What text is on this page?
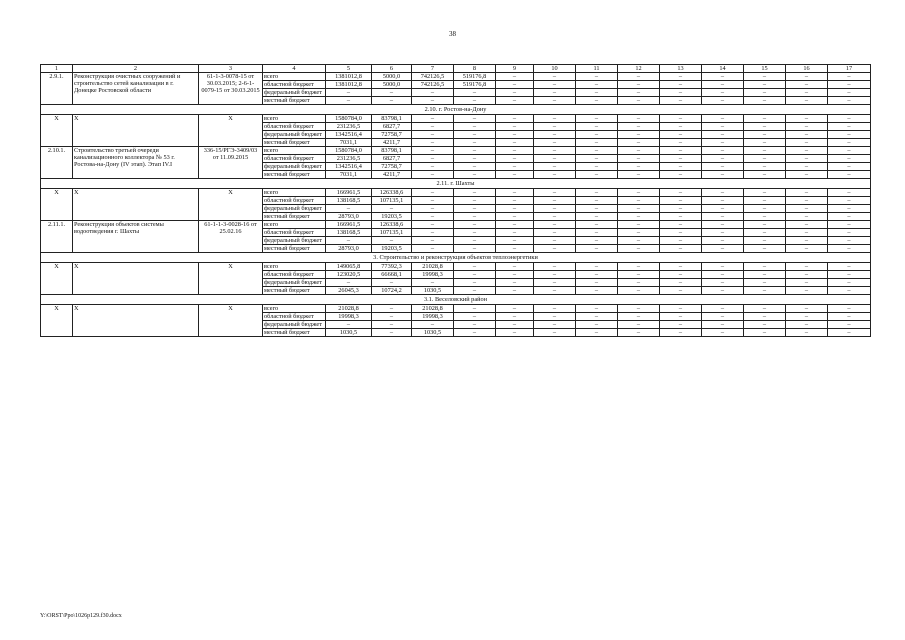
38
1	2	3	4	5	6	7	8	9	10	11	12	13	14	15	16	17
2.9.1.	Реконструкция очистных сооружений и строительство сетей канализации в г. Донецке Ростовской области	61-1-3-0078-15 от 30.03.2015; 2-6-1-0079-15 от 30.03.2015	всего	1381012,8	5000,0	742126,5	519176,8	–	–	–	–	–	–	–	–	–
			областной бюджет	1381012,8	5000,0	742126,5	519176,8	–	–	–	–	–	–	–	–	–
			федеральный бюджет	–	–	–	–	–	–	–	–	–	–	–	–	–
			местный бюджет	–	–	–	–	–	–	–	–	–	–	–	–	–
2.10. г. Ростов-на-Дону																
X	X	X	всего	1580784,0	83798,1	–	–	–	–	–	–	–	–	–	–	–
			областной бюджет	231236,5	6827,7	–	–	–	–	–	–	–	–	–	–	–
			федеральный бюджет	1342516,4	72758,7	–	–	–	–	–	–	–	–	–	–	–
			местный бюджет	7031,1	4211,7	–	–	–	–	–	–	–	–	–	–	–
2.10.1.	Строительство третьей очереди канализационного коллектора № 53 г. Ростова-на-Дону (IV этап). Этап IV.I	336-15/РГЭ-3409/03 от 11.09.2015	всего	1580784,0	83798,1	–	–	–	–	–	–	–	–	–	–	–
			областной бюджет	231236,5	6827,7	–	–	–	–	–	–	–	–	–	–	–
			федеральный бюджет	1342516,4	72758,7	–	–	–	–	–	–	–	–	–	–	–
			местный бюджет	7031,1	4211,7	–	–	–	–	–	–	–	–	–	–	–
2.11. г. Шахты																
X	X	X	всего	166961,5	126338,6	–	–	–	–	–	–	–	–	–	–	–
			областной бюджет	138168,5	107135,1	–	–	–	–	–	–	–	–	–	–	–
			федеральный бюджет	–	–	–	–	–	–	–	–	–	–	–	–	–
			местный бюджет	28793,0	19203,5	–	–	–	–	–	–	–	–	–	–	–
2.11.1.	Реконструкция объектов системы водоотведения г. Шахты	61-1-1-3-0028-16 от 25.02.16	всего	166961,5	126338,6	–	–	–	–	–	–	–	–	–	–	–
			областной бюджет	138168,5	107135,1	–	–	–	–	–	–	–	–	–	–	–
			федеральный бюджет	–	–	–	–	–	–	–	–	–	–	–	–	–
			местный бюджет	28793,0	19203,5	–	–	–	–	–	–	–	–	–	–	–
3. Строительство и реконструкция объектов теплоэнергетики																
X	X	X	всего	149065,8	77392,3	21028,8	–	–	–	–	–	–	–	–	–	–
			областной бюджет	123020,5	66668,1	19998,3	–	–	–	–	–	–	–	–	–	–
			федеральный бюджет	–	–	–	–	–	–	–	–	–	–	–	–	–
			местный бюджет	26045,3	10724,2	1030,5	–	–	–	–	–	–	–	–	–	–
3.1. Веселовский район																
X	X	X	всего	21028,8	–	21028,8	–	–	–	–	–	–	–	–	–	–
			областной бюджет	19998,3	–	19998,3	–	–	–	–	–	–	–	–	–	–
			федеральный бюджет	–	–	–	–	–	–	–	–	–	–	–	–	–
			местный бюджет	1030,5	–	1030,5	–	–	–	–	–	–	–	–	–	–
Y:\ORST\Ppo\1026p129.f30.docx
